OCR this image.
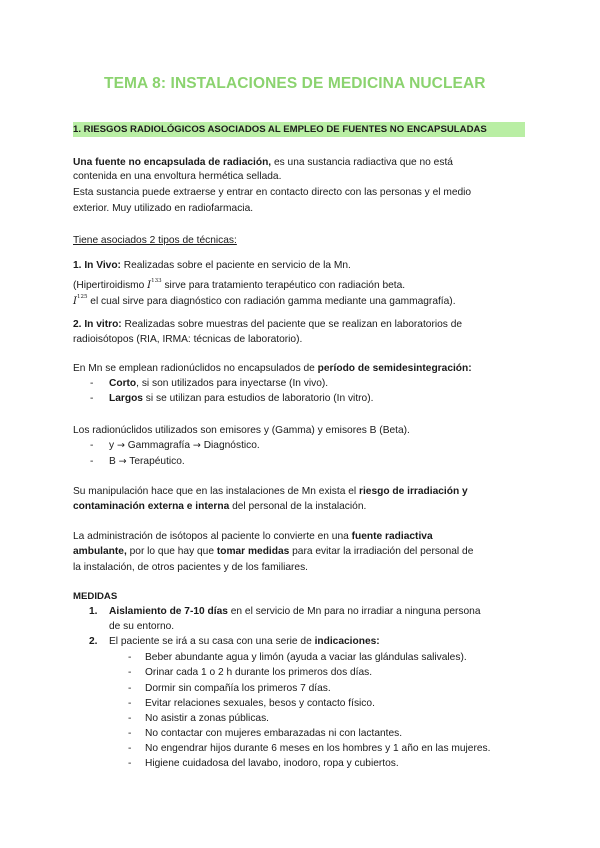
TEMA 8: INSTALACIONES DE MEDICINA NUCLEAR
1. RIESGOS RADIOLÓGICOS ASOCIADOS AL EMPLEO DE FUENTES NO ENCAPSULADAS
Una fuente no encapsulada de radiación, es una sustancia radiactiva que no está
contenida en una envoltura hermética sellada.
Esta sustancia puede extraerse y entrar en contacto directo con las personas y el medio
exterior. Muy utilizado en radiofarmacia.
Tiene asociados 2 tipos de técnicas:
1. In Vivo: Realizadas sobre el paciente en servicio de la Mn.
(Hipertiroidismo $I^{133}$ sirve para tratamiento terapéutico con radiación beta.
$I^{125}$ el cual sirve para diagnóstico con radiación gamma mediante una gammagrafía).
2. In vitro: Realizadas sobre muestras del paciente que se realizan en laboratorios de
radioisótopos (RIA, IRMA: técnicas de laboratorio).
En Mn se emplean radionúclidos no encapsulados de período de semidesintegración:
- Corto, si son utilizados para inyectarse (In vivo).
- Largos si se utilizan para estudios de laboratorio (In vitro).
Los radionúclidos utilizados son emisores y (Gamma) y emisores B (Beta).
- y → Gammagrafía → Diagnóstico.
- B → Terapéutico.
Su manipulación hace que en las instalaciones de Mn exista el riesgo de irradiación y
contaminación externa e interna del personal de la instalación.
La administración de isótopos al paciente lo convierte en una fuente radiactiva
ambulante, por lo que hay que tomar medidas para evitar la irradiación del personal de
la instalación, de otros pacientes y de los familiares.
MEDIDAS
1. Aislamiento de 7-10 días en el servicio de Mn para no irradiar a ninguna persona
de su entorno.
2. El paciente se irá a su casa con una serie de indicaciones:
- Beber abundante agua y limón (ayuda a vaciar las glándulas salivales).
- Orinar cada 1 o 2 h durante los primeros dos días.
- Dormir sin compañía los primeros 7 días.
- Evitar relaciones sexuales, besos y contacto físico.
- No asistir a zonas públicas.
- No contactar con mujeres embarazadas ni con lactantes.
- No engendrar hijos durante 6 meses en los hombres y 1 año en las mujeres.
- Higiene cuidadosa del lavabo, inodoro, ropa y cubiertos.
